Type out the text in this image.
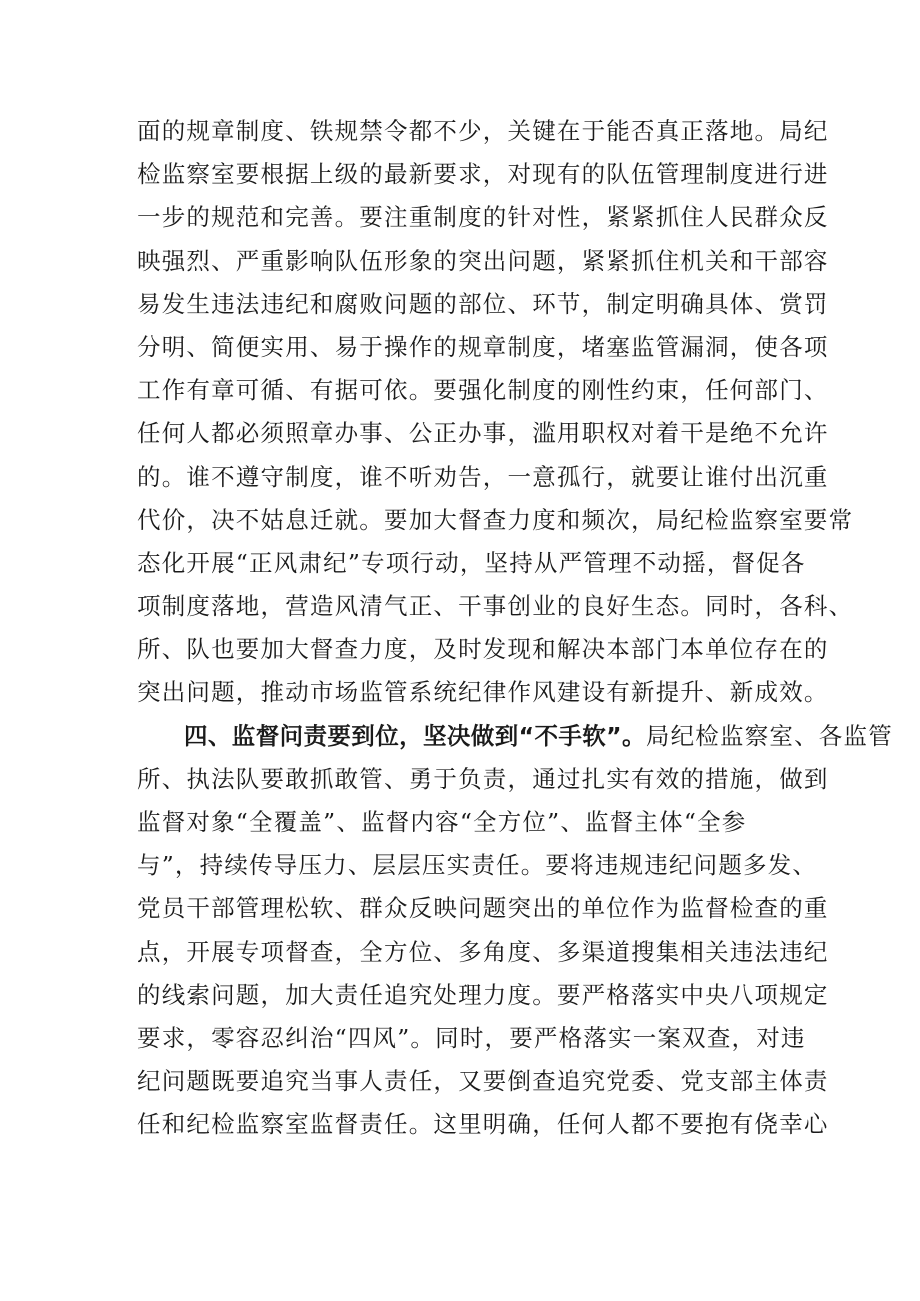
面的规章制度、铁规禁令都不少，关键在于能否真正落地。局纪
检监察室要根据上级的最新要求，对现有的队伍管理制度进行进
一步的规范和完善。要注重制度的针对性，紧紧抓住人民群众反
映强烈、严重影响队伍形象的突出问题，紧紧抓住机关和干部容
易发生违法违纪和腐败问题的部位、环节，制定明确具体、赏罚
分明、简便实用、易于操作的规章制度，堵塞监管漏洞，使各项
工作有章可循、有据可依。要强化制度的刚性约束，任何部门、
任何人都必须照章办事、公正办事，滥用职权对着干是绝不允许
的。谁不遵守制度，谁不听劝告，一意孤行，就要让谁付出沉重
代价，决不姑息迁就。要加大督查力度和频次，局纪检监察室要常
态化开展“正风肃纪”专项行动，坚持从严管理不动摇，督促各
项制度落地，营造风清气正、干事创业的良好生态。同时，各科、
所、队也要加大督查力度，及时发现和解决本部门本单位存在的
突出问题，推动市场监管系统纪律作风建设有新提升、新成效。
四、监督问责要到位，坚决做到“不手软”。局纪检监察室、各监管
所、执法队要敢抓敢管、勇于负责，通过扎实有效的措施，做到
监督对象“全覆盖”、监督内容“全方位”、监督主体“全参
与”，持续传导压力、层层压实责任。要将违规违纪问题多发、
党员干部管理松软、群众反映问题突出的单位作为监督检查的重
点，开展专项督查，全方位、多角度、多渠道搜集相关违法违纪
的线索问题，加大责任追究处理力度。要严格落实中央八项规定
要求，零容忍纠治“四风”。同时，要严格落实一案双查，对违
纪问题既要追究当事人责任，又要倒查追究党委、党支部主体责
任和纪检监察室监督责任。这里明确，任何人都不要抱有侥幸心
